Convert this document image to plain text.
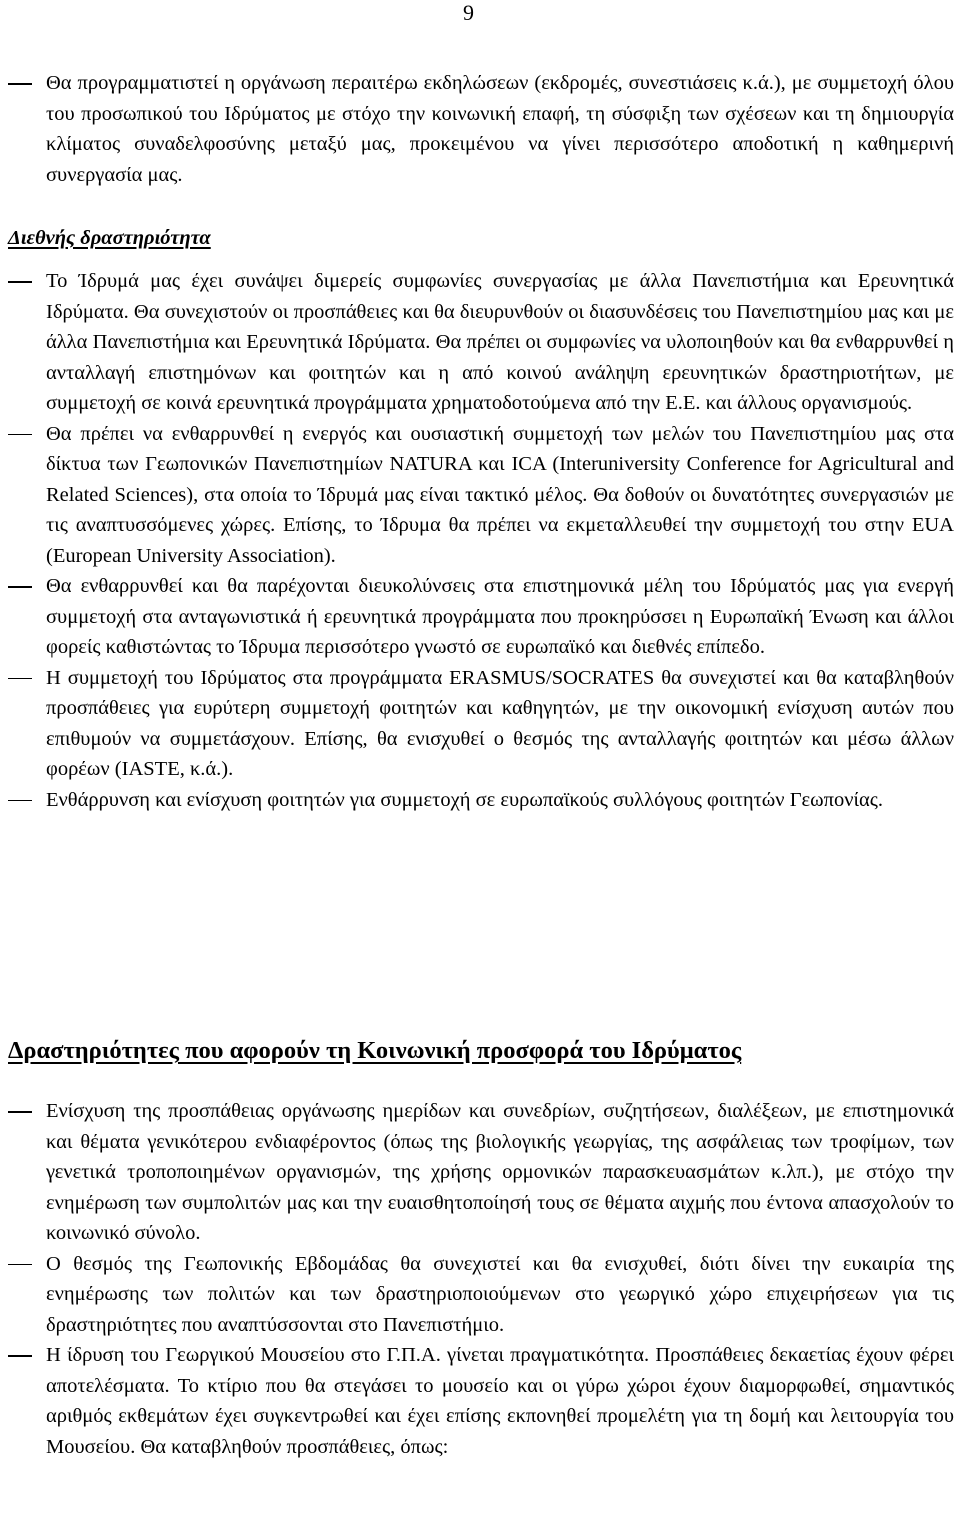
9
Θα προγραμματιστεί η οργάνωση περαιτέρω εκδηλώσεων (εκδρομές, συνεστιάσεις κ.ά.), με συμμετοχή όλου του προσωπικού του Ιδρύματος με στόχο την κοινωνική επαφή, τη σύσφιξη των σχέσεων και τη δημιουργία κλίματος συναδελφοσύνης μεταξύ μας, προκειμένου να γίνει περισσότερο αποδοτική η καθημερινή συνεργασία μας.
Διεθνής δραστηριότητα
Το Ίδρυμά μας έχει συνάψει διμερείς συμφωνίες συνεργασίας με άλλα Πανεπιστήμια και Ερευνητικά Ιδρύματα. Θα συνεχιστούν οι προσπάθειες και θα διευρυνθούν οι διασυνδέσεις του Πανεπιστημίου μας και με άλλα Πανεπιστήμια και Ερευνητικά Ιδρύματα. Θα πρέπει οι συμφωνίες να υλοποιηθούν και θα ενθαρρυνθεί η ανταλλαγή επιστημόνων και φοιτητών και η από κοινού ανάληψη ερευνητικών δραστηριοτήτων, με συμμετοχή σε κοινά ερευνητικά προγράμματα χρηματοδοτούμενα από την Ε.Ε. και άλλους οργανισμούς.
Θα πρέπει να ενθαρρυνθεί η ενεργός και ουσιαστική συμμετοχή των μελών του Πανεπιστημίου μας στα δίκτυα των Γεωπονικών Πανεπιστημίων NATURA και ICA (Interuniversity Conference for Agricultural and Related Sciences), στα οποία το Ίδρυμά μας είναι τακτικό μέλος. Θα δοθούν οι δυνατότητες συνεργασιών με τις αναπτυσσόμενες χώρες. Επίσης, το Ίδρυμα θα πρέπει να εκμεταλλευθεί την συμμετοχή του στην EUA (European University Association).
Θα ενθαρρυνθεί και θα παρέχονται διευκολύνσεις στα επιστημονικά μέλη του Ιδρύματός μας για ενεργή συμμετοχή στα ανταγωνιστικά ή ερευνητικά προγράμματα που προκηρύσσει η Ευρωπαϊκή Ένωση και άλλοι φορείς καθιστώντας το Ίδρυμα περισσότερο γνωστό σε ευρωπαϊκό και διεθνές επίπεδο.
Η συμμετοχή του Ιδρύματος στα προγράμματα ERASMUS/SOCRATES θα συνεχιστεί και θα καταβληθούν προσπάθειες για ευρύτερη συμμετοχή φοιτητών και καθηγητών, με την οικονομική ενίσχυση αυτών που επιθυμούν να συμμετάσχουν. Επίσης, θα ενισχυθεί ο θεσμός της ανταλλαγής φοιτητών και μέσω άλλων φορέων (IASTE, κ.ά.).
Ενθάρρυνση και ενίσχυση φοιτητών για συμμετοχή σε ευρωπαϊκούς συλλόγους φοιτητών Γεωπονίας.
Δραστηριότητες που αφορούν τη Κοινωνική προσφορά του Ιδρύματος
Ενίσχυση της προσπάθειας οργάνωσης ημερίδων και συνεδρίων, συζητήσεων, διαλέξεων, με επιστημονικά και θέματα γενικότερου ενδιαφέροντος (όπως της βιολογικής γεωργίας, της ασφάλειας των τροφίμων, των γενετικά τροποποιημένων οργανισμών, της χρήσης ορμονικών παρασκευασμάτων κ.λπ.), με στόχο την ενημέρωση των συμπολιτών μας και την ευαισθητοποίησή τους σε θέματα αιχμής που έντονα απασχολούν το κοινωνικό σύνολο.
Ο θεσμός της Γεωπονικής Εβδομάδας θα συνεχιστεί και θα ενισχυθεί, διότι δίνει την ευκαιρία της ενημέρωσης των πολιτών και των δραστηριοποιούμενων στο γεωργικό χώρο επιχειρήσεων για τις δραστηριότητες που αναπτύσσονται στο Πανεπιστήμιο.
Η ίδρυση του Γεωργικού Μουσείου στο Γ.Π.Α. γίνεται πραγματικότητα. Προσπάθειες δεκαετίας έχουν φέρει αποτελέσματα. Το κτίριο που θα στεγάσει το μουσείο και οι γύρω χώροι έχουν διαμορφωθεί, σημαντικός αριθμός εκθεμάτων έχει συγκεντρωθεί και έχει επίσης εκπονηθεί προμελέτη για τη δομή και λειτουργία του Μουσείου. Θα καταβληθούν προσπάθειες, όπως:
